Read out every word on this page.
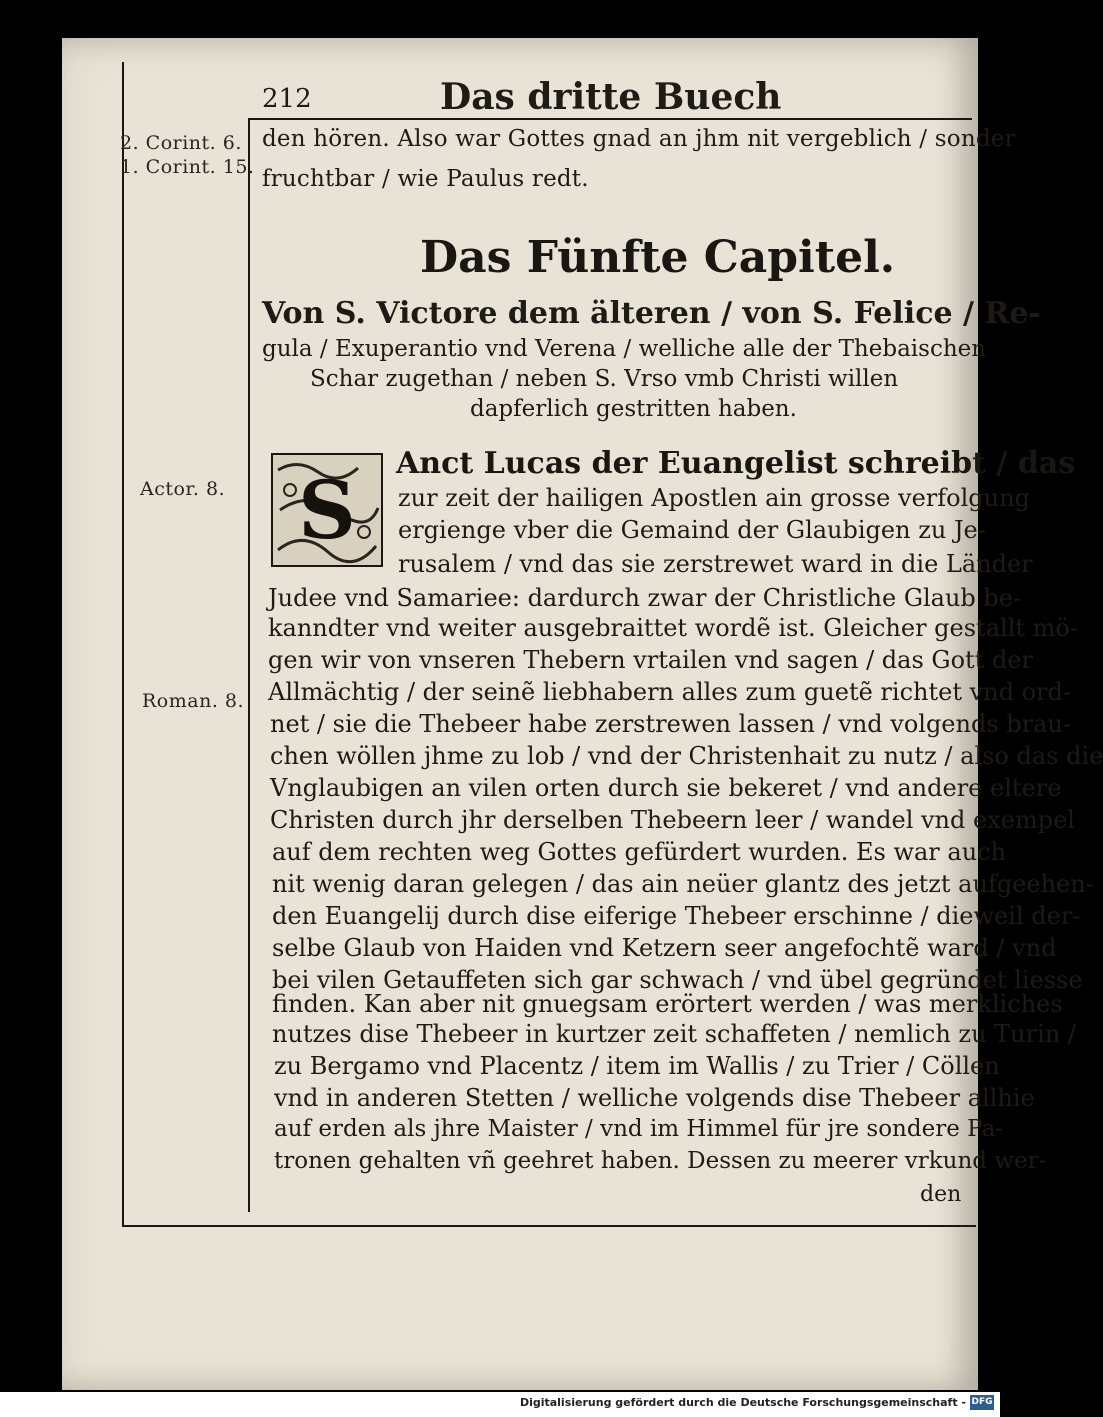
212	Das dritte Buech
2. Corint. 6.
1. Corint. 15.
Actor. 8.
Roman. 8.
den hören. Also war Gottes gnad an jhm nit vergeblich / sonder
fruchtbar / wie Paulus redt.
Das Fünfte Capitel.
Von S. Victore dem älteren / von S. Felice / Re-
gula / Exuperantio vnd Verena / welliche alle der Thebaischen
Schar zugethan / neben S. Vrso vmb Christi willen
dapferlich gestritten haben.
S Anct Lucas der Euangelist schreibt / das
zur zeit der hailigen Apostlen ain grosse verfolgung
ergienge vber die Gemaind der Glaubigen zu Je-
rusalem / vnd das sie zerstrewet ward in die Länder
Judee vnd Samariee: dardurch zwar der Christliche Glaub be-
kanndter vnd weiter ausgebraittet wordẽ ist. Gleicher gestallt mö-
gen wir von vnseren Thebern vrtailen vnd sagen / das Gott der
Allmächtig / der seinẽ liebhabern alles zum guetẽ richtet vnd ord-
net / sie die Thebeer habe zerstrewen lassen / vnd volgends brau-
chen wöllen jhme zu lob / vnd der Christenhait zu nutz / also das die
Vnglaubigen an vilen orten durch sie bekeret / vnd andere eltere
Christen durch jhr derselben Thebeern leer / wandel vnd exempel
auf dem rechten weg Gottes gefürdert wurden. Es war auch
nit wenig daran gelegen / das ain neüer glantz des jetzt aufgeehen-
den Euangelij durch dise eiferige Thebeer erschinne / dieweil der-
selbe Glaub von Haiden vnd Ketzern seer angefochtẽ ward / vnd
bei vilen Getauffeten sich gar schwach / vnd übel gegründet liesse
finden. Kan aber nit gnuegsam erörtert werden / was merkliches
nutzes dise Thebeer in kurtzer zeit schaffeten / nemlich zu Turin /
zu Bergamo vnd Placentz / item im Wallis / zu Trier / Cöllen
vnd in anderen Stetten / welliche volgends dise Thebeer allhie
auf erden als jhre Maister / vnd im Himmel für jre sondere Pa-
den
Digitalisierung gefördert durch die Deutsche Forschungsgemeinschaft - DFG
tronen gehalten vñ geehret haben. Dessen zu meerer vrkund wer-
